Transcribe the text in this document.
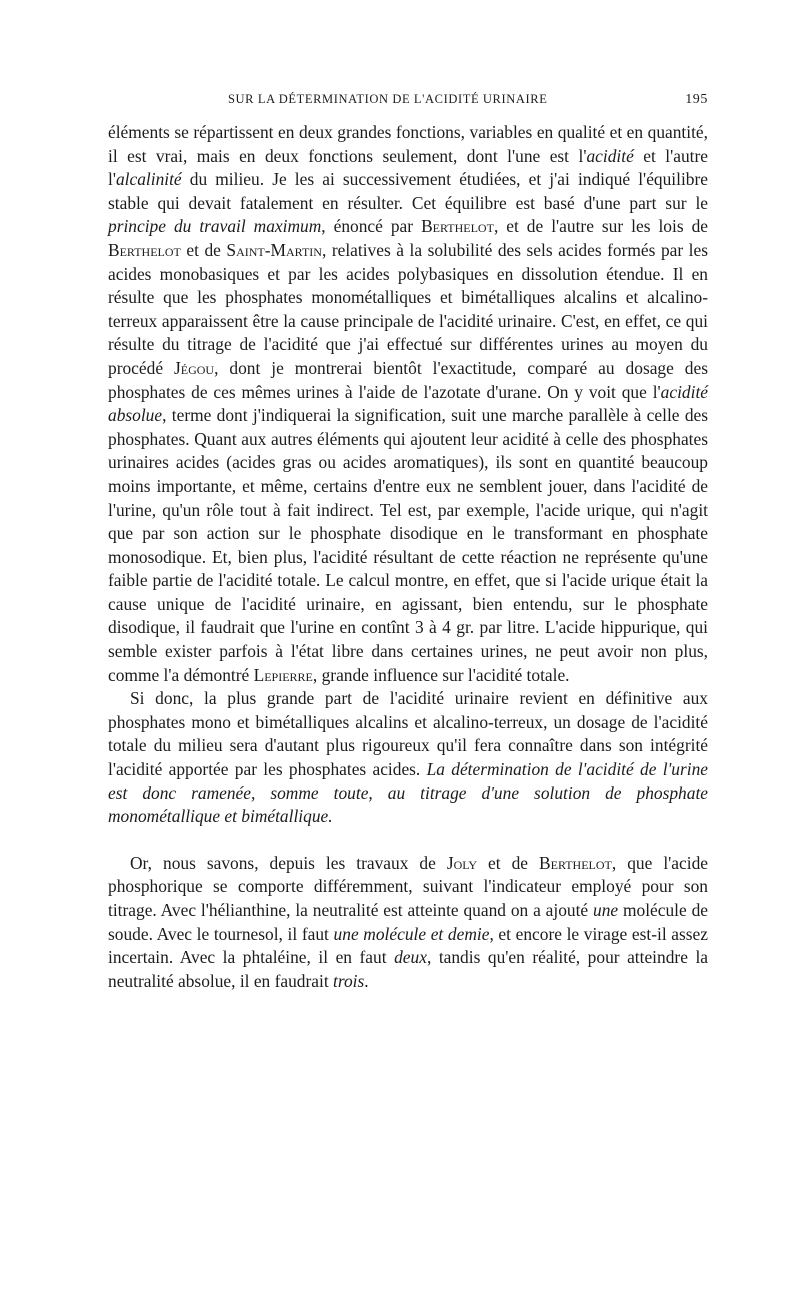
SUR LA DÉTERMINATION DE L'ACIDITÉ URINAIRE	195

éléments se répartissent en deux grandes fonctions, variables en qualité et en quantité, il est vrai, mais en deux fonctions seulement, dont l'une est l'acidité et l'autre l'alcalinité du milieu. Je les ai successivement étudiées, et j'ai indiqué l'équilibre stable qui devait fatalement en résulter. Cet équilibre est basé d'une part sur le principe du travail maximum, énoncé par Berthelot, et de l'autre sur les lois de Berthelot et de Saint-Martin, relatives à la solubilité des sels acides formés par les acides monobasiques et par les acides polybasiques en dissolution étendue. Il en résulte que les phosphates monométalliques et bimétalliques alcalins et alcalino-terreux apparaissent être la cause principale de l'acidité urinaire. C'est, en effet, ce qui résulte du titrage de l'acidité que j'ai effectué sur différentes urines au moyen du procédé Jégou, dont je montrerai bientôt l'exactitude, comparé au dosage des phosphates de ces mêmes urines à l'aide de l'azotate d'urane. On y voit que l'acidité absolue, terme dont j'indiquerai la signification, suit une marche parallèle à celle des phosphates. Quant aux autres éléments qui ajoutent leur acidité à celle des phosphates urinaires acides (acides gras ou acides aromatiques), ils sont en quantité beaucoup moins importante, et même, certains d'entre eux ne semblent jouer, dans l'acidité de l'urine, qu'un rôle tout à fait indirect. Tel est, par exemple, l'acide urique, qui n'agit que par son action sur le phosphate disodique en le transformant en phosphate monosodique. Et, bien plus, l'acidité résultant de cette réaction ne représente qu'une faible partie de l'acidité totale. Le calcul montre, en effet, que si l'acide urique était la cause unique de l'acidité urinaire, en agissant, bien entendu, sur le phosphate disodique, il faudrait que l'urine en contînt 3 à 4 gr. par litre. L'acide hippurique, qui semble exister parfois à l'état libre dans certaines urines, ne peut avoir non plus, comme l'a démontré Lepierre, grande influence sur l'acidité totale.

Si donc, la plus grande part de l'acidité urinaire revient en définitive aux phosphates mono et bimétalliques alcalins et alcalino-terreux, un dosage de l'acidité totale du milieu sera d'autant plus rigoureux qu'il fera connaître dans son intégrité l'acidité apportée par les phosphates acides. La détermination de l'acidité de l'urine est donc ramenée, somme toute, au titrage d'une solution de phosphate monométallique et bimétallique.

Or, nous savons, depuis les travaux de Joly et de Berthelot, que l'acide phosphorique se comporte différemment, suivant l'indicateur employé pour son titrage. Avec l'hélianthine, la neutralité est atteinte quand on a ajouté une molécule de soude. Avec le tournesol, il faut une molécule et demie, et encore le virage est-il assez incertain. Avec la phtaléine, il en faut deux, tandis qu'en réalité, pour atteindre la neutralité absolue, il en faudrait trois.
